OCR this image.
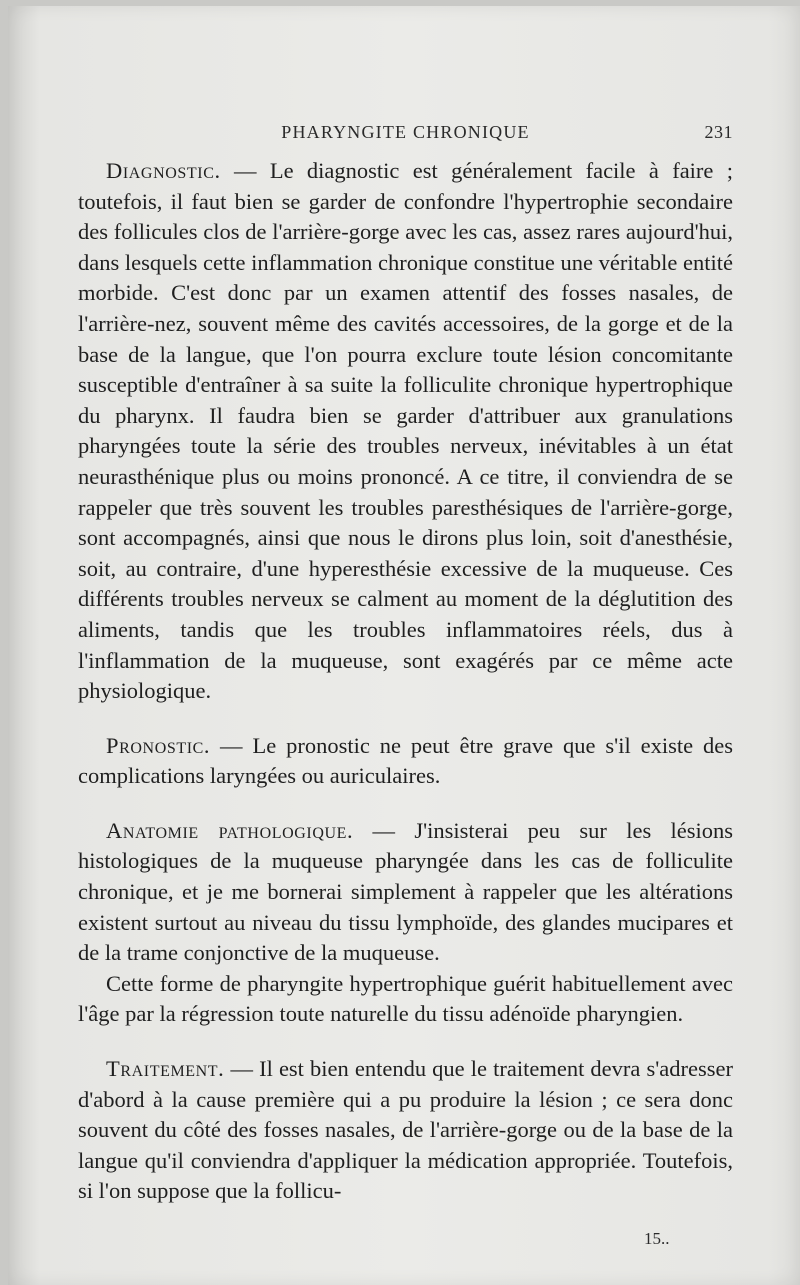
PHARYNGITE CHRONIQUE	231

Diagnostic. — Le diagnostic est généralement facile à faire ; toutefois, il faut bien se garder de confondre l'hypertrophie secondaire des follicules clos de l'arrière-gorge avec les cas, assez rares aujourd'hui, dans lesquels cette inflammation chronique constitue une véritable entité morbide. C'est donc par un examen attentif des fosses nasales, de l'arrière-nez, souvent même des cavités accessoires, de la gorge et de la base de la langue, que l'on pourra exclure toute lésion concomitante susceptible d'entraîner à sa suite la folliculite chronique hypertrophique du pharynx. Il faudra bien se garder d'attribuer aux granulations pharyngées toute la série des troubles nerveux, inévitables à un état neurasthénique plus ou moins prononcé. A ce titre, il conviendra de se rappeler que très souvent les troubles paresthésiques de l'arrière-gorge, sont accompagnés, ainsi que nous le dirons plus loin, soit d'anesthésie, soit, au contraire, d'une hyperesthésie excessive de la muqueuse. Ces différents troubles nerveux se calment au moment de la déglutition des aliments, tandis que les troubles inflammatoires réels, dus à l'inflammation de la muqueuse, sont exagérés par ce même acte physiologique.

Pronostic. — Le pronostic ne peut être grave que s'il existe des complications laryngées ou auriculaires.

Anatomie pathologique. — J'insisterai peu sur les lésions histologiques de la muqueuse pharyngée dans les cas de folliculite chronique, et je me bornerai simplement à rappeler que les altérations existent surtout au niveau du tissu lymphoïde, des glandes mucipares et de la trame conjonctive de la muqueuse.

Cette forme de pharyngite hypertrophique guérit habituellement avec l'âge par la régression toute naturelle du tissu adénoïde pharyngien.

Traitement. — Il est bien entendu que le traitement devra s'adresser d'abord à la cause première qui a pu produire la lésion ; ce sera donc souvent du côté des fosses nasales, de l'arrière-gorge ou de la base de la langue qu'il conviendra d'appliquer la médication appropriée. Toutefois, si l'on suppose que la follicu-

15..
